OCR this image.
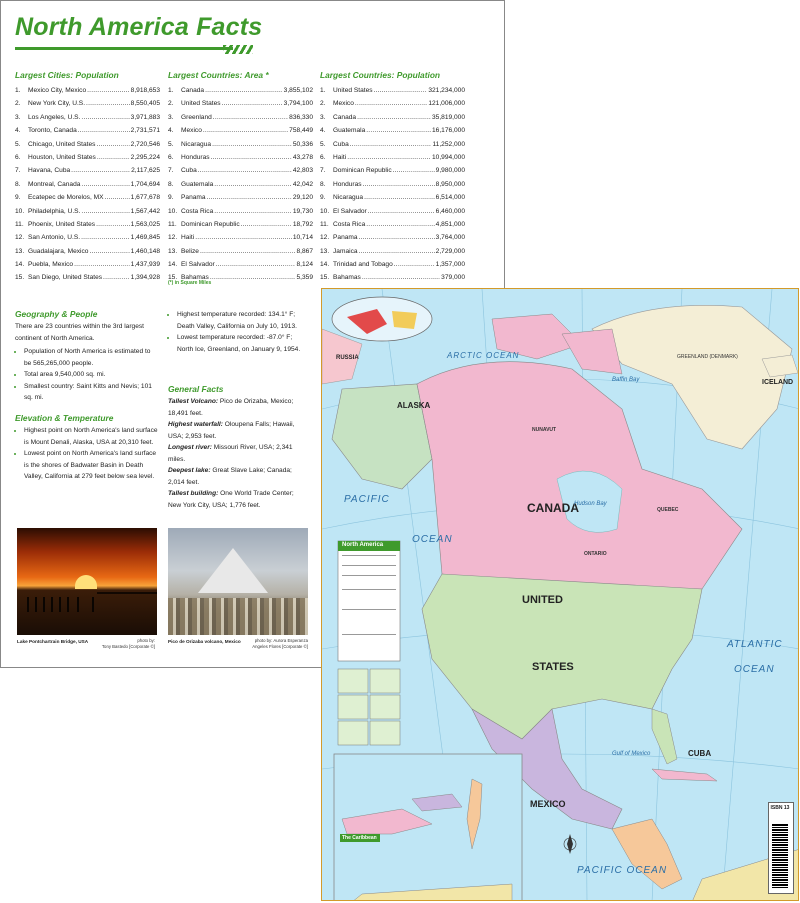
North America Facts
Largest Cities: Population
1.	Mexico City, Mexico .....	8,918,653
2.	New York City, U.S. .....	8,550,405
3.	Los Angeles, U.S. .....	3,971,883
4.	Toronto, Canada .....	2,731,571
5.	Chicago, United States .....	2,720,546
6.	Houston, United States .....	2,295,224
7.	Havana, Cuba .....	2,117,625
8.	Montreal, Canada .....	1,704,694
9.	Ecatepec de Morelos, MX .....	1,677,678
10. Philadelphia, U.S. .....	1,567,442
11. Phoenix, United States .....	1,563,025
12. San Antonio, U.S. .....	1,469,845
13. Guadalajara, Mexico .....	1,460,148
14. Puebla, Mexico .....	1,437,939
15. San Diego, United States .....	1,394,928
Largest Countries: Area *
1.	Canada .....	3,855,102
2.	United States .....	3,794,100
3.	Greenland .....	836,330
4.	Mexico .....	758,449
5.	Nicaragua .....	50,336
6.	Honduras .....	43,278
7.	Cuba .....	42,803
8.	Guatemala .....	42,042
9.	Panama .....	29,120
10. Costa Rica .....	19,730
11. Dominican Republic .....	18,792
12. Haiti .....	10,714
13. Belize .....	8,867
14. El Salvador .....	8,124
15. Bahamas .....	5,359
Largest Countries: Population
1.	United States .....	321,234,000
2.	Mexico .....	121,006,000
3.	Canada .....	35,819,000
4.	Guatemala .....	16,176,000
5.	Cuba .....	11,252,000
6.	Haiti .....	10,994,000
7.	Dominican Republic .....	9,980,000
8.	Honduras .....	8,950,000
9.	Nicaragua .....	6,514,000
10. El Salvador .....	6,460,000
11. Costa Rica .....	4,851,000
12. Panama .....	3,764,000
13. Jamaica .....	2,729,000
14. Trinidad and Tobago .....	1,357,000
15. Bahamas .....	379,000
(*) in Square Miles
Geography & People

There are 23 countries within the 3rd largest continent of North America.

• Population of North America is estimated to be 565,265,000 people.
• Total area 9,540,000 sq. mi.
• Smallest country: Saint Kitts and Nevis; 101 sq. mi.
Elevation & Temperature
• Highest point on North America's land surface is Mount Denali, Alaska, USA at 20,310 feet.
• Lowest point on North America's land surface is the shores of Badwater Basin in Death Valley, California at 279 feet below sea level.
• Highest temperature recorded: 134.1° F; Death Valley, California on July 10, 1913.
• Lowest temperature recorded: -87.0° F; North Ice, Greenland, on January 9, 1954.
General Facts

Tallest Volcano: Pico de Orizaba, Mexico; 18,491 feet.

Highest waterfall: Oloupena Falls; Hawaii, USA; 2,953 feet.

Longest river: Missouri River, USA; 2,341 miles.

Deepest lake: Great Slave Lake; Canada; 2,014 feet.

Tallest building: One World Trade Center; New York City, USA; 1,776 feet.

Lake Pontchartrain Bridge, USA	photo by:
Tony Bastedo [Corporate ©]
Pico de Orizaba volcano, Mexico	photo by: Aurora Esperanza
Angeles Flores [Corporate ©]
ARCTIC OCEAN
PACIFIC
OCEAN
ATLANTIC
OCEAN
PACIFIC OCEAN
CANADA
UNITED
STATES
MEXICO
ALASKA
GREENLAND (DENMARK)
ICELAND
RUSSIA
CUBA
Gulf of Mexico
Hudson Bay
Baffin Bay
NUNAVUT
QUEBEC
ONTARIO
North America
The Caribbean
ISBN 13
